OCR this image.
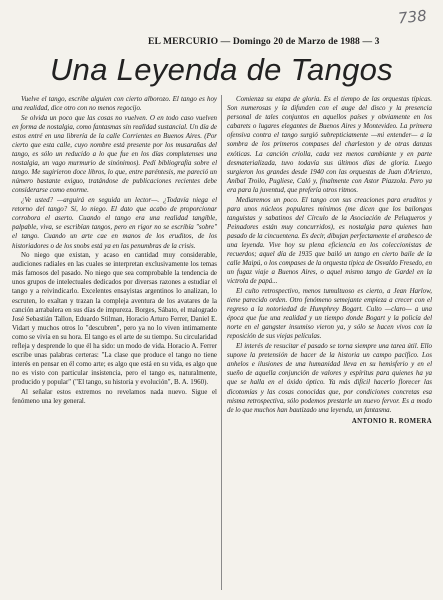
738
EL MERCURIO — Domingo 20 de Marzo de 1988 — 3
Una Leyenda de Tangos

Vuelve el tango, escribe alguien con cierto alborozo. El tango es hoy una realidad, dice otro con no menos regocijo.

Se olvida un poco que las cosas no vuelven. O en todo caso vuelven en forma de nostalgia, como fantasmas sin realidad sustancial. Un día de estos entré en una librería de la calle Corrientes en Buenos Aires. (Por cierto que esta calle, cuyo nombre está presente por los musarañas del tango, es sólo un reducido a lo que fue en los días complutenses una nostalgia, un vago murmurio de sinónimos). Pedí bibliografía sobre el tango. Me sugirieron doce libros, lo que, entre paréntesis, me pareció un número bastante exiguo, tratándose de publicaciones recientes debe considerarse como enorme.

¿Ve usted? —arguirá en seguida un lector—. ¿Todavía niega el retorno del tango? Sí, lo niego. El dato que acabo de proporcionar corrobora el aserto. Cuando el tango era una realidad tangible, palpable, viva, se escribían tangos, pero en rigor no se escribía "sobre" el tango. Cuando un arte cae en manos de los eruditos, de los historiadores o de los snobs está ya en las penumbras de la crisis.

No niego que existan, y acaso en cantidad muy considerable, audiciones radiales en las cuales se interpretan exclusivamente los temas más famosos del pasado. No niego que sea comprobable la tendencia de unos grupos de intelectuales dedicados por diversas razones a estudiar el tango y a reivindicarlo. Excelentes ensayistas argentinos lo analizan, lo escruten, lo exaltan y trazan la compleja aventura de los avatares de la canción arrabalera en sus días de impureza. Borges, Sábato, el malogrado José Sebastián Tallon, Eduardo Stilman, Horacio Arturo Ferrer, Daniel E. Vidart y muchos otros lo "descubren", pero ya no lo viven intimamente como se vivía en su hora. El tango es el arte de su tiempo. Su circularidad refleja y desprende lo que él ha sido: un modo de vida. Horacio A. Ferrer escribe unas palabras certeras: "La clase que produce el tango no tiene interés en pensar en él como arte; es algo que está en su vida, es algo que no es visto con particular insistencia, pero el tango es, naturalmente, producido y popular" ("El tango, su historia y evolución", B. A. 1960).

Al señalar estos extremos no revelamos nada nuevo. Sigue el fenómeno una ley general.

Comienza su etapa de gloria. Es el tiempo de las orquestas típicas. Son numerosas y la difunden con el auge del disco y la presencia personal de tales conjuntos en aquellos países y obviamente en los cabarets o lugares elegantes de Buenos Aires y Montevideo. La primera ofensiva contra el tango surgió subrepticiamente —mi entender— a la sombra de los primeros compases del charleston y de otras danzas exóticas. La canción criolla, cada vez menos cambiante y en parte desmaterializada, tuvo todavía sus últimos días de gloria. Luego surgieron los grandes desde 1940 con las orquestas de Juan d'Arienzo, Aníbal Troilo, Pugliese, Caló y, finalmente con Astor Piazzola. Pero ya era para la juventud, que prefería otros ritmos.

Mediaremos un poco. El tango con sus creaciones para eruditos y para unos núcleos populares mínimos (me dicen que los bailongos tanguistas y sabatinos del Círculo de la Asociación de Peluqueros y Peinadores están muy concurridos), es nostalgia para quienes han pasado de la cincuentena. Es decir, dibujan perfectamente el arabesco de una leyenda. Vive hoy su plena eficiencia en los coleccionistas de recuerdos; aquel día de 1935 que bailó un tango en cierto baile de la calle Maipú, o los compases de la orquesta típica de Osvaldo Fresedo, en un fugaz viaje a Buenos Aires, o aquel mismo tango de Gardel en la victrola de papá...

El culto retrospectivo, menos tumultuoso es cierto, a Jean Harlow, tiene parecido orden. Otro fenómeno semejante empieza a crecer con el regreso a la notoriedad de Humphrey Bogart. Culto —claro— a una época que fue una realidad y un tiempo donde Bogart y la policía del norte en el gangster insumiso vieron ya, y sólo se hacen vivos con la reposición de sus viejas películas.

El interés de resucitar el pasado se torna siempre una tarea útil. Ello supone la pretensión de hacer de la historia un campo pacífico. Los anhelos e ilusiones de una humanidad lleva en su hemisferio y en el sueño de aquella conjunción de valores y espíritus para quienes ha ya que se halla en el óxido óptico. Ya más difícil hacerlo florecer las dicotomías y las cosas conocidas que, por condiciones concretas esa misma retrospectiva, sólo podemos prestarle un nuevo fervor. Es a modo de lo que muchos han bautizado una leyenda, un fantasma.

ANTONIO R. ROMERA
